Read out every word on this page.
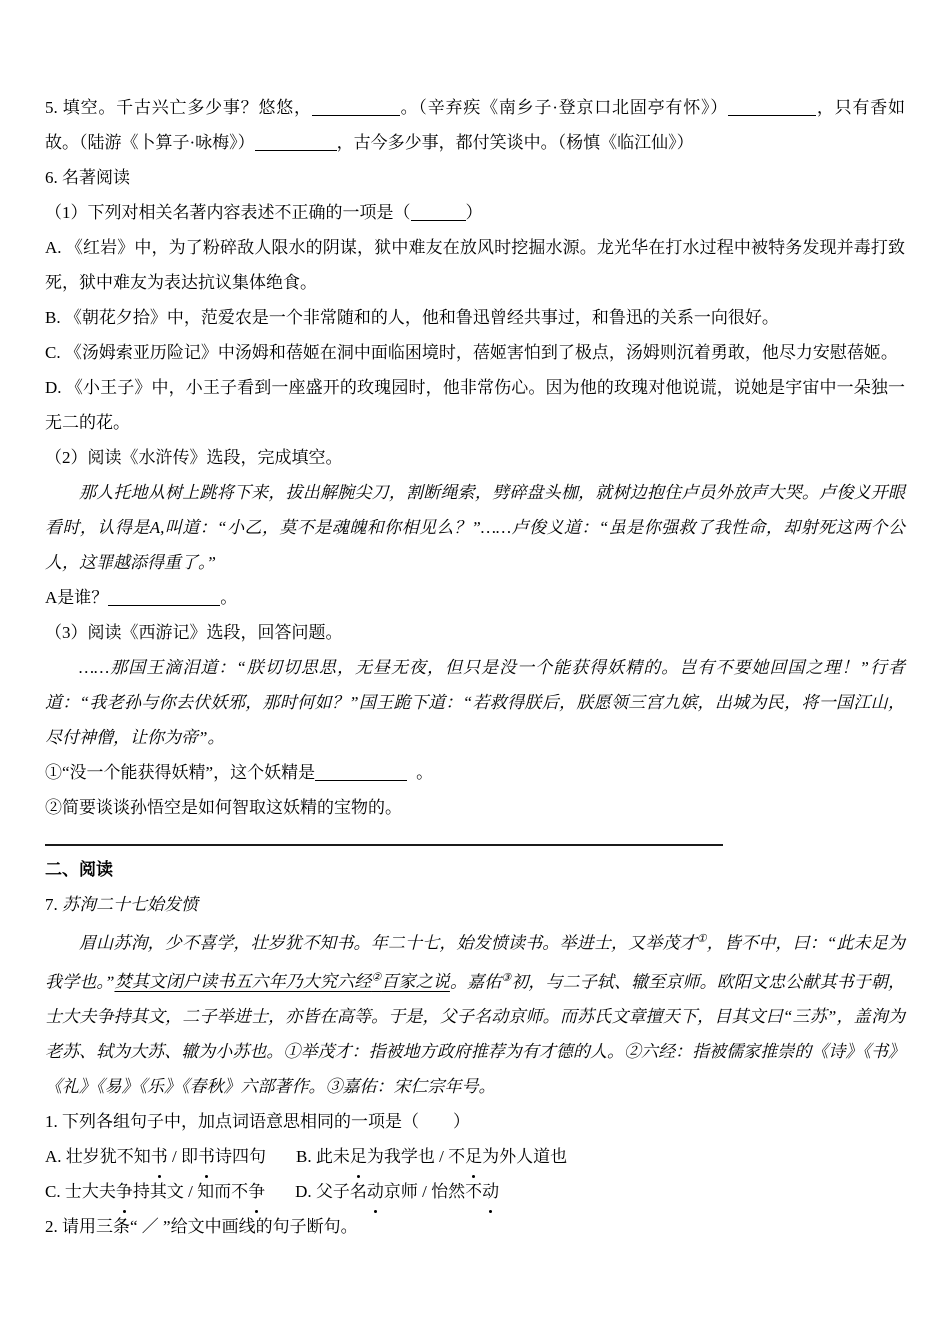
5. 填空。千古兴亡多少事？悠悠，	。（辛弃疾《南乡子·登京口北固亭有怀》）	，只有香如故。（陆游《卜算子·咏梅》）	，古今多少事，都付笑谈中。（杨慎《临江仙》）

6. 名著阅读

（1）下列对相关名著内容表述不正确的一项是（	）

A. 《红岩》中，为了粉碎敌人限水的阴谋，狱中难友在放风时挖掘水源。龙光华在打水过程中被特务发现并毒打致死，狱中难友为表达抗议集体绝食。

B. 《朝花夕拾》中，范爱农是一个非常随和的人，他和鲁迅曾经共事过，和鲁迅的关系一向很好。

C. 《汤姆索亚历险记》中汤姆和蓓姬在洞中面临困境时，蓓姬害怕到了极点，汤姆则沉着勇敢，他尽力安慰蓓姬。

D. 《小王子》中，小王子看到一座盛开的玫瑰园时，他非常伤心。因为他的玫瑰对他说谎，说她是宇宙中一朵独一无二的花。

（2）阅读《水浒传》选段，完成填空。

那人托地从树上跳将下来，拔出解腕尖刀，割断绳索，劈碎盘头枷，就树边抱住卢员外放声大哭。卢俊义开眼看时，认得是A,叫道：“小乙，莫不是魂魄和你相见么？”……卢俊义道：“虽是你强救了我性命，却射死这两个公人，这罪越添得重了。”

A是谁？	。

（3）阅读《西游记》选段，回答问题。

……那国王滴泪道：“朕切切思思，无昼无夜，但只是没一个能获得妖精的。岂有不要她回国之理！”行者道：“我老孙与你去伏妖邪，那时何如？”国王跪下道：“若救得朕后，朕愿领三宫九嫔，出城为民，将一国江山，尽付神僧，让你为帝”。

①“没一个能获得妖精”，这个妖精是	。

②简要谈谈孙悟空是如何智取这妖精的宝物的。

二、阅读

7. 苏洵二十七始发愤

眉山苏洵，少不喜学，壮岁犹不知书。年二十七，始发愤读书。举进士，又举茂才①，皆不中，曰：“此未足为我学也。”焚其文闭户读书五六年乃大究六经②百家之说。嘉佑③初，与二子轼、辙至京师。欧阳文忠公献其书于朝，士大夫争持其文，二子举进士，亦皆在高等。于是，父子名动京师。而苏氏文章擅天下，目其文曰“三苏”，盖洵为老苏、轼为大苏、辙为小苏也。①举茂才：指被地方政府推荐为有才德的人。②六经：指被儒家推崇的《诗》《书》《礼》《易》《乐》《春秋》六部著作。③嘉佑：宋仁宗年号。

1. 下列各组句子中，加点词语意思相同的一项是（　　）

A. 壮岁犹不知书 / 即书诗四句 B. 此未足为我学也 / 不足为外人道也

C. 士大夫争持其文 / 知而不争 D. 父子名动京师 / 怡然不动

2. 请用三条“ ／ ”给文中画线的句子断句。
